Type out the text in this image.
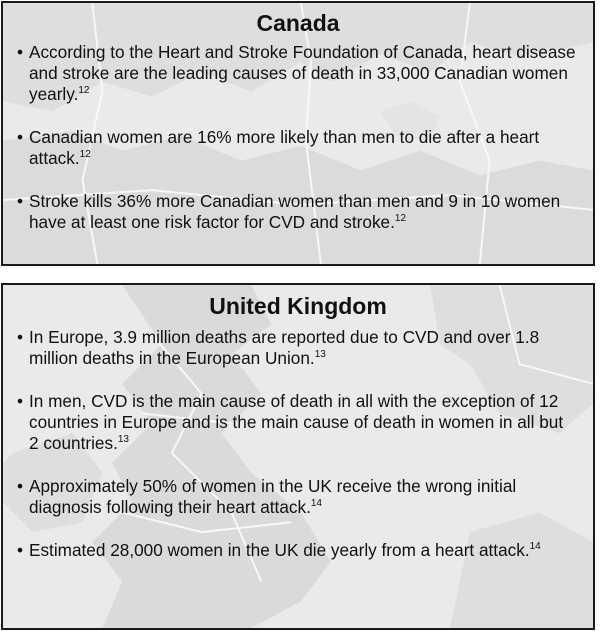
Canada
• According to the Heart and Stroke Foundation of Canada, heart disease and stroke are the leading causes of death in 33,000 Canadian women yearly.$^{12}$
• Canadian women are 16% more likely than men to die after a heart attack.$^{12}$
• Stroke kills 36% more Canadian women than men and 9 in 10 women have at least one risk factor for CVD and stroke.$^{12}$
United Kingdom
• In Europe, 3.9 million deaths are reported due to CVD and over 1.8 million deaths in the European Union.$^{13}$
• In men, CVD is the main cause of death in all with the exception of 12 countries in Europe and is the main cause of death in women in all but 2 countries.$^{13}$
• Approximately 50% of women in the UK receive the wrong initial diagnosis following their heart attack.$^{14}$
• Estimated 28,000 women in the UK die yearly from a heart attack.$^{14}$
